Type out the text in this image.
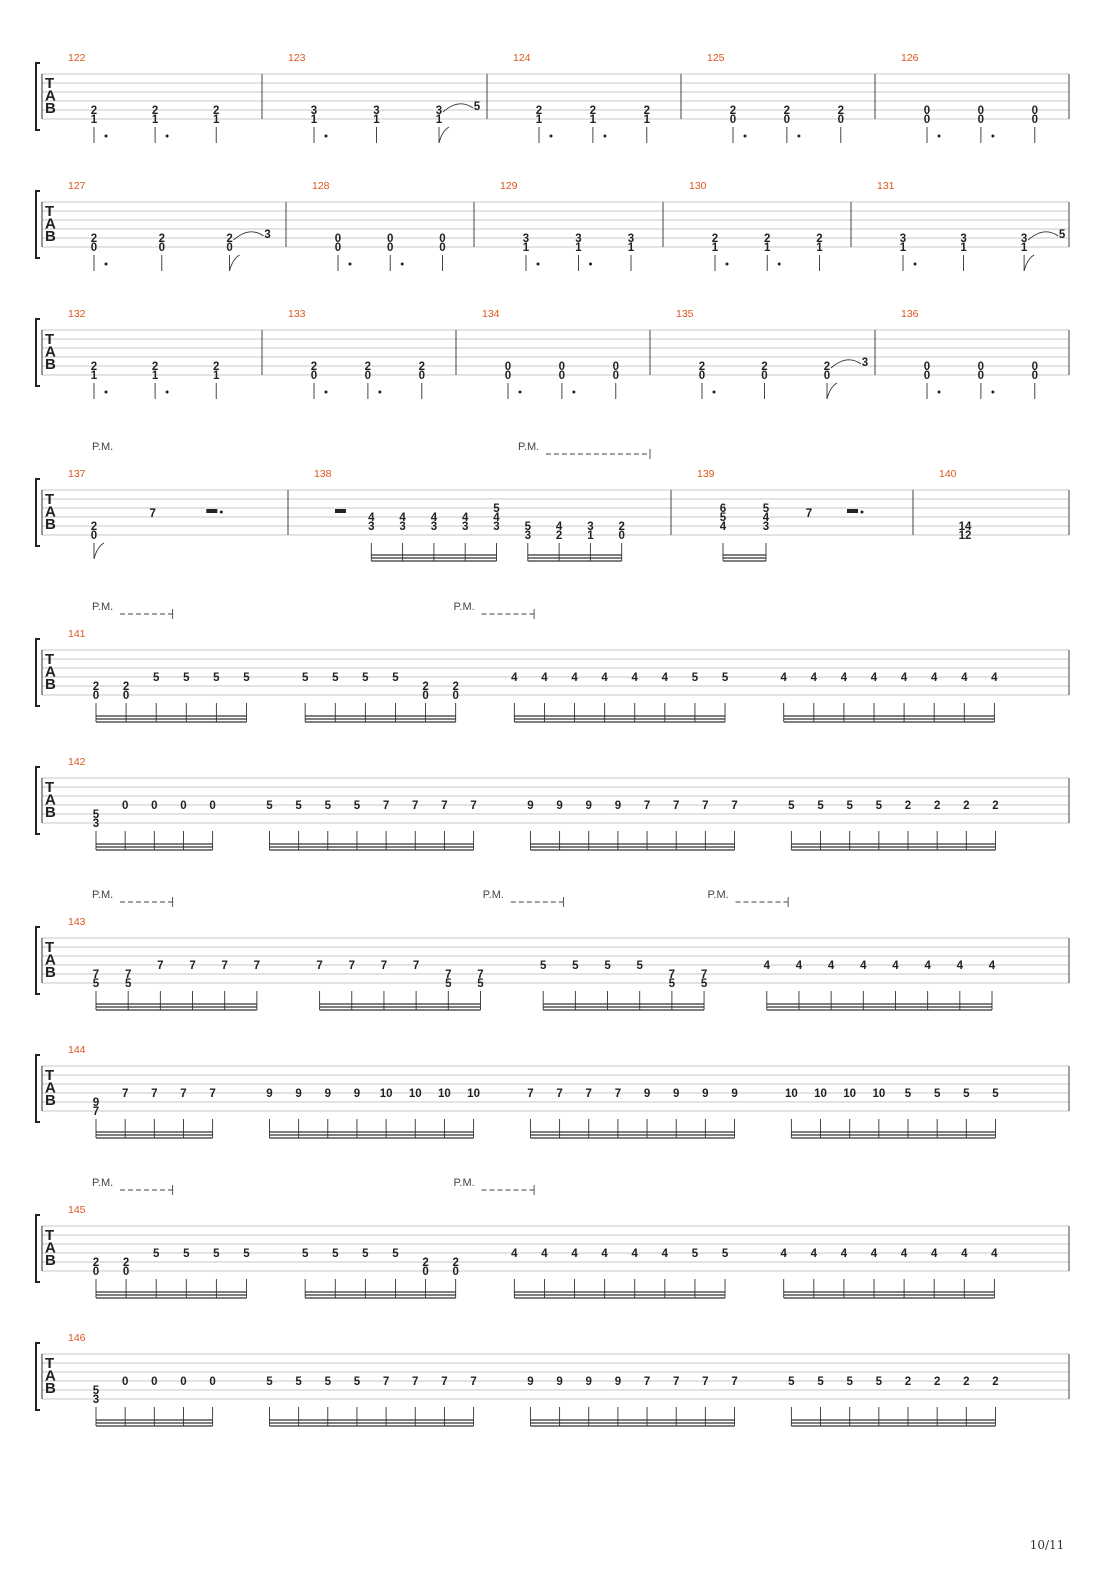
T
A
B
122
2
1
2
1
2
1
123
3
1
3
1
3
1
5
124
2
1
2
1
2
1
125
2
0
2
0
2
0
126
0
0
0
0
0
0
T
A
B
127
2
0
2
0
2
0
3
128
0
0
0
0
0
0
129
3
1
3
1
3
1
130
2
1
2
1
2
1
131
3
1
3
1
3
1
5
T
A
B
132
2
1
2
1
2
1
133
2
0
2
0
2
0
134
0
0
0
0
0
0
135
2
0
2
0
2
0
3
136
0
0
0
0
0
0
T
A
B
P.M.	P.M.
137
2
0
7
138
4
3
4
3
4
3
4
3
5
4
3 5
3
4
2
3
1
2
0
139
6
5
4
5
4
3
7
140
14
12
T
A
B
P.M.	P.M.
141
2
0
2
0
5 5 5 5	5 5 5 5
2
0
2
0
4 4 4 4 4 4 5 5	4 4 4 4 4 4 4 4
T
A
B
142
5
3
0 0 0 0	5 5 5 5 7 7 7 7	9 9 9 9 7 7 7 7	5 5 5 5 2 2 2 2
T
A
B
P.M.	P.M.	P.M.
143
7
5
7
5
7 7 7 7	7 7 7 7
7
5
7
5
5 5 5 5
7
5
7
5
4 4 4 4 4 4 4 4
T
A
B
144
9
7
7 7 7 7	9 9 9 9 10 10 10 10	7 7 7 7 9 9 9 9	10 10 10 10 5 5 5 5
T
A
B
P.M.	P.M.
145
2
0
2
0
5 5 5 5	5 5 5 5
2
0
2
0
4 4 4 4 4 4 5 5	4 4 4 4 4 4 4 4
T
A
B
146
5
3
0 0 0 0	5 5 5 5 7 7 7 7	9 9 9 9 7 7 7 7	5 5 5 5 2 2 2 2
10/11
